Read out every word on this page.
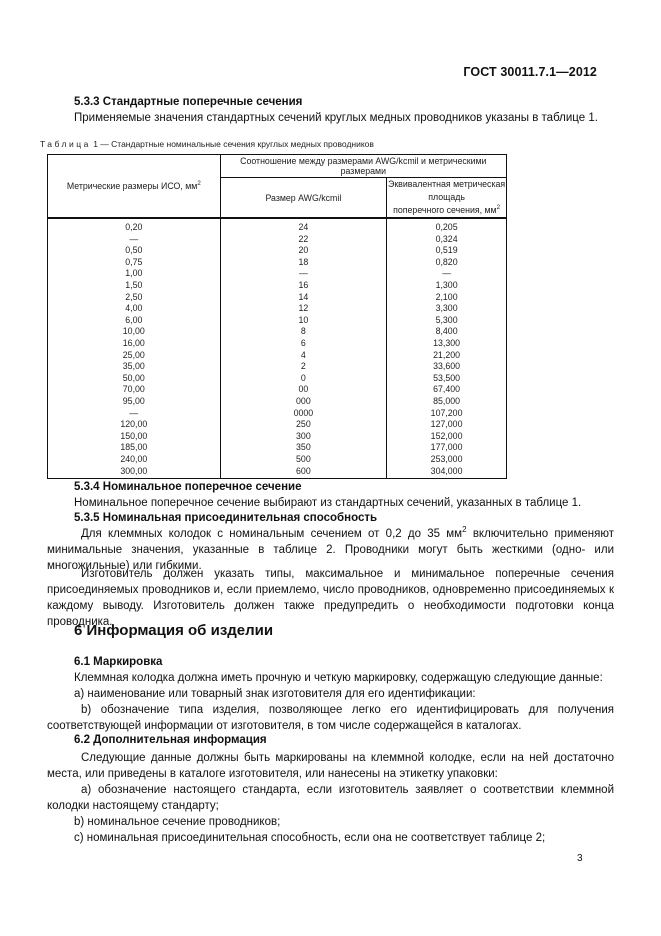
ГОСТ 30011.7.1—2012
5.3.3 Стандартные поперечные сечения
Применяемые значения стандартных сечений круглых медных проводников указаны в таблице 1.
Таблица 1 — Стандартные номинальные сечения круглых медных проводников
Метрические размеры ИСО, $мм^2$	Соотношение между размерами AWG/kcmil и метрическими размерами	
	Размер AWG/kcmil	Эквивалентная метрическая площадь
поперечного сечения, $мм^2$
0,20	24	0,205
—	22	0,324
0,50	20	0,519
0,75	18	0,820
1,00	—	—
1,50	16	1,300
2,50	14	2,100
4,00	12	3,300
6,00	10	5,300
10,00	8	8,400
16,00	6	13,300
25,00	4	21,200
35,00	2	33,600
50,00	0	53,500
70,00	00	67,400
95,00	000	85,000
—	0000	107,200
120,00	250	127,000
150,00	300	152,000
185,00	350	177,000
240,00	500	253,000
300,00	600	304,000
5.3.4 Номинальное поперечное сечение
Номинальное поперечное сечение выбирают из стандартных сечений, указанных в таблице 1.
5.3.5 Номинальная присоединительная способность
Для клеммных колодок с номинальным сечением от 0,2 до 35 $мм^2$ включительно применяют минимальные значения, указанные в таблице 2. Проводники могут быть жесткими (одно- или многожильные) или гибкими.
Изготовитель должен указать типы, максимальное и минимальное поперечные сечения присоединяемых проводников и, если приемлемо, число проводников, одновременно присоединяемых к каждому выводу. Изготовитель должен также предупредить о необходимости подготовки конца проводника.
6 Информация об изделии
6.1 Маркировка
Клеммная колодка должна иметь прочную и четкую маркировку, содержащую следующие данные:
a) наименование или товарный знак изготовителя для его идентификации:
b) обозначение типа изделия, позволяющее легко его идентифицировать для получения соответствующей информации от изготовителя, в том числе содержащейся в каталогах.
6.2 Дополнительная информация
Следующие данные должны быть маркированы на клеммной колодке, если на ней достаточно места, или приведены в каталоге изготовителя, или нанесены на этикетку упаковки:
a) обозначение настоящего стандарта, если изготовитель заявляет о соответствии клеммной колодки настоящему стандарту;
b) номинальное сечение проводников;
c) номинальная присоединительная способность, если она не соответствует таблице 2;
3
